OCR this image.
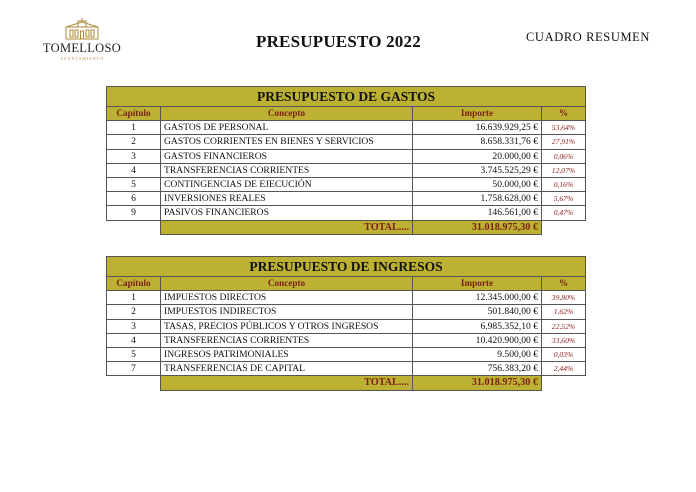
TOMELLOSO
AYUNTAMIENTO
PRESUPUESTO 2022	CUADRO RESUMEN
PRESUPUESTO DE GASTOS			
Capítulo	Concepto	Importe	%
1	GASTOS DE PERSONAL	16.639.929,25 €	53,64%
2	GASTOS CORRIENTES EN BIENES Y SERVICIOS	8.658.331,76 €	27,91%
3	GASTOS FINANCIEROS	20.000,00 €	0,06%
4	TRANSFERENCIAS CORRIENTES	3.745.525,29 €	12,07%
5	CONTINGENCIAS DE EJECUCIÓN	50.000,00 €	0,16%
6	INVERSIONES REALES	1.758.628,00 €	5,67%
9	PASIVOS FINANCIEROS	146.561,00 €	0,47%
	TOTAL....	31.018.975,30 €	
PRESUPUESTO DE INGRESOS			
Capítulo	Concepto	Importe	%
1	IMPUESTOS DIRECTOS	12.345.000,00 €	39,80%
2	IMPUESTOS INDIRECTOS	501.840,00 €	1,62%
3	TASAS, PRECIOS PÚBLICOS Y OTROS INGRESOS	6.985.352,10 €	22,52%
4	TRANSFERENCIAS CORRIENTES	10.420.900,00 €	33,60%
5	INGRESOS PATRIMONIALES	9.500,00 €	0,03%
7	TRANSFERENCIAS DE CAPITAL	756.383,20 €	2,44%
	TOTAL....	31.018.975,30 €	
